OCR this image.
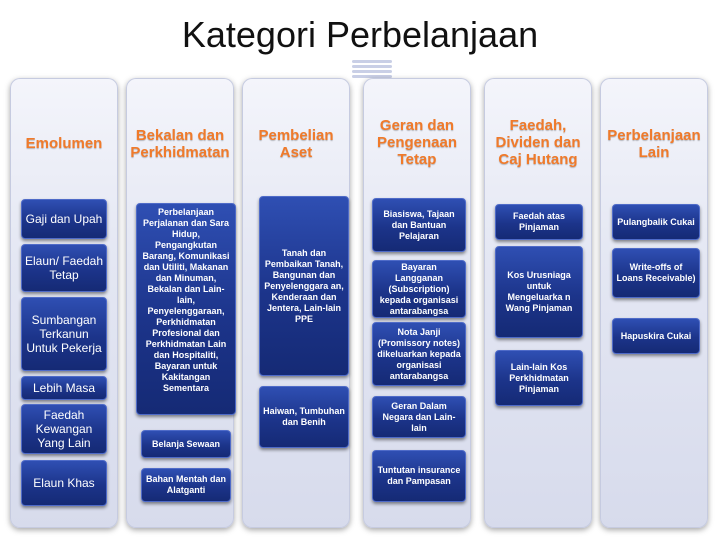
Kategori Perbelanjaan
Emolumen
Gaji dan Upah
Elaun/ Faedah Tetap
Sumbangan Terkanun Untuk Pekerja
Lebih Masa
Faedah Kewangan Yang Lain
Elaun Khas
Bekalan dan Perkhidmatan
Perbelanjaan Perjalanan dan Sara Hidup, Pengangkutan Barang, Komunikasi dan Utiliti, Makanan dan Minuman, Bekalan dan Lain-lain, Penyelenggaraan, Perkhidmatan Profesional dan Perkhidmatan Lain dan Hospitaliti, Bayaran untuk Kakitangan Sementara
Belanja Sewaan
Bahan Mentah dan Alatganti
Pembelian Aset
Tanah dan Pembaikan Tanah, Bangunan dan Penyelenggara an, Kenderaan dan Jentera, Lain-lain PPE
Haiwan, Tumbuhan dan Benih
Geran dan Pengenaan Tetap
Biasiswa, Tajaan dan Bantuan Pelajaran
Bayaran Langganan (Subscription) kepada organisasi antarabangsa
Nota Janji (Promissory notes) dikeluarkan kepada organisasi antarabangsa
Geran Dalam Negara dan Lain-lain
Tuntutan insurance dan Pampasan
Faedah, Dividen dan Caj Hutang
Faedah atas Pinjaman
Kos Urusniaga untuk Mengeluarka n Wang Pinjaman
Lain-lain Kos Perkhidmatan Pinjaman
Perbelanjaan Lain
Pulangbalik Cukai
Write-offs of Loans Receivable)
Hapuskira Cukai
